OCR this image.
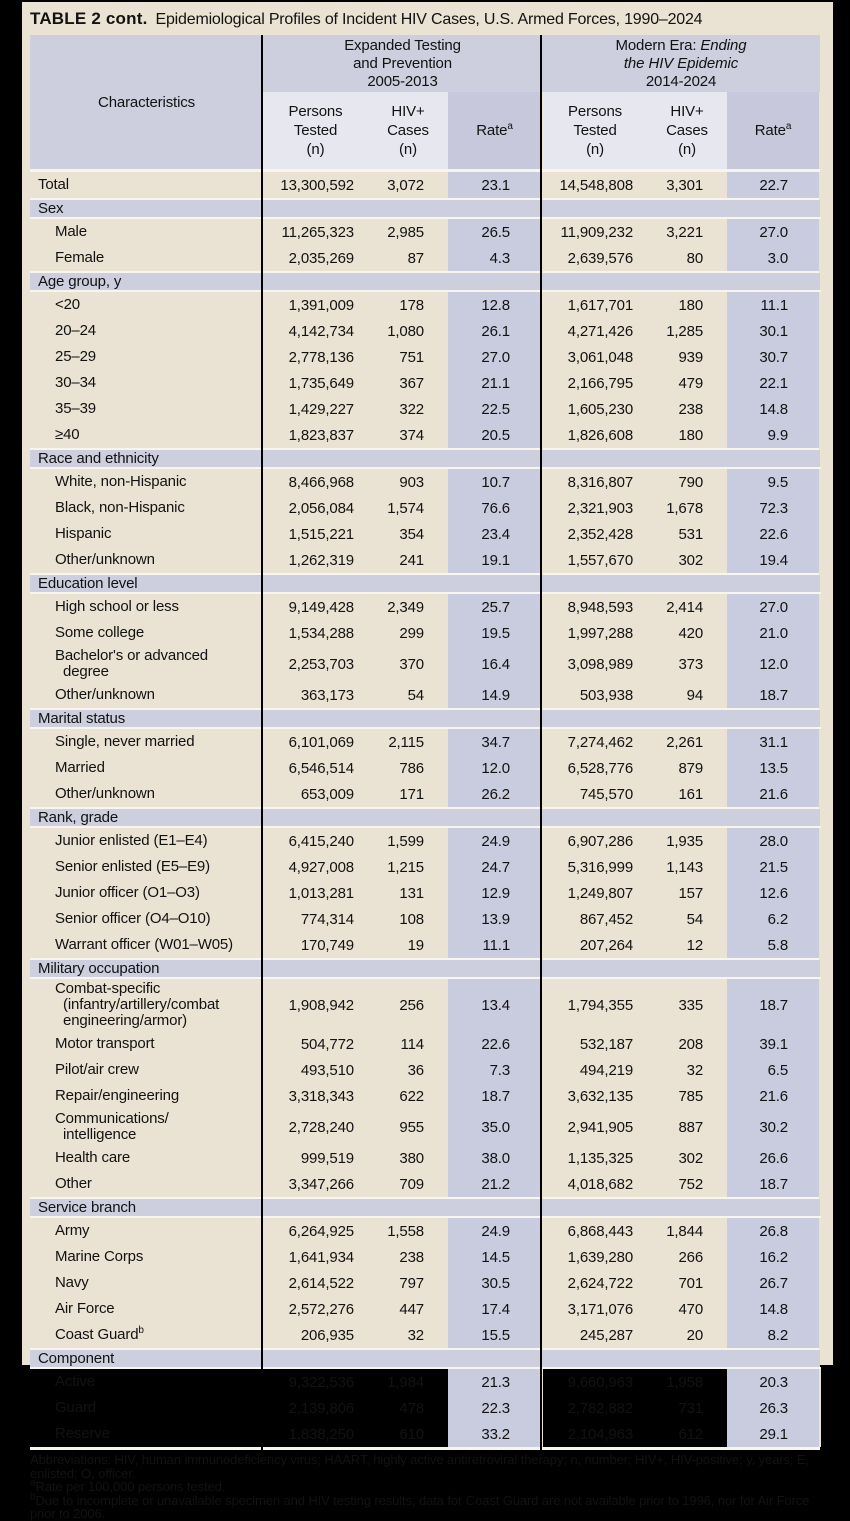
TABLE 2 cont. Epidemiological Profiles of Incident HIV Cases, U.S. Armed Forces, 1990–2024
Characteristics	
Expanded Testing
and Prevention
2005-2013

Modern Era: Ending
the HIV Epidemic
2014-2024

Persons
Tested
(n)

HIV+
Cases
(n)
	Rate$^a$	
Persons
Tested
(n)

HIV+
Cases
(n)
	Rate$^a$

Total	13,300,592	3,072	23.1	14,548,808	3,301	22.7
Sex						
Male	11,265,323	2,985	26.5	11,909,232	3,221	27.0
Female	2,035,269	87	4.3	2,639,576	80	3.0
Age group, y						
<20	1,391,009	178	12.8	1,617,701	180	11.1
20–24	4,142,734	1,080	26.1	4,271,426	1,285	30.1
25–29	2,778,136	751	27.0	3,061,048	939	30.7
30–34	1,735,649	367	21.1	2,166,795	479	22.1
35–39	1,429,227	322	22.5	1,605,230	238	14.8
≥40	1,823,837	374	20.5	1,826,608	180	9.9
Race and ethnicity						
White, non-Hispanic	8,466,968	903	10.7	8,316,807	790	9.5
Black, non-Hispanic	2,056,084	1,574	76.6	2,321,903	1,678	72.3
Hispanic	1,515,221	354	23.4	2,352,428	531	22.6
Other/unknown	1,262,319	241	19.1	1,557,670	302	19.4
Education level						
High school or less	9,149,428	2,349	25.7	8,948,593	2,414	27.0
Some college	1,534,288	299	19.5	1,997,288	420	21.0

Bachelor's or advanced
degree	2,253,703	370	16.4	3,098,989	373	12.0
Other/unknown	363,173	54	14.9	503,938	94	18.7
Marital status						
Single, never married	6,101,069	2,115	34.7	7,274,462	2,261	31.1
Married	6,546,514	786	12.0	6,528,776	879	13.5
Other/unknown	653,009	171	26.2	745,570	161	21.6
Rank, grade						
Junior enlisted (E1–E4)	6,415,240	1,599	24.9	6,907,286	1,935	28.0
Senior enlisted (E5–E9)	4,927,008	1,215	24.7	5,316,999	1,143	21.5
Junior officer (O1–O3)	1,013,281	131	12.9	1,249,807	157	12.6
Senior officer (O4–O10)	774,314	108	13.9	867,452	54	6.2
Warrant officer (W01–W05)	170,749	19	11.1	207,264	12	5.8
Military occupation						

Combat-specific
(infantry/artillery/combat
engineering/armor)	1,908,942	256	13.4	1,794,355	335	18.7
Motor transport	504,772	114	22.6	532,187	208	39.1
Pilot/air crew	493,510	36	7.3	494,219	32	6.5
Repair/engineering	3,318,343	622	18.7	3,632,135	785	21.6

Communications/
intelligence	2,728,240	955	35.0	2,941,905	887	30.2
Health care	999,519	380	38.0	1,135,325	302	26.6
Other	3,347,266	709	21.2	4,018,682	752	18.7
Service branch						
Army	6,264,925	1,558	24.9	6,868,443	1,844	26.8
Marine Corps	1,641,934	238	14.5	1,639,280	266	16.2
Navy	2,614,522	797	30.5	2,624,722	701	26.7
Air Force	2,572,276	447	17.4	3,171,076	470	14.8
Coast Guard$^b$	206,935	32	15.5	245,287	20	8.2
Component						
Active	9,322,536	1,984	21.3	9,660,963	1,958	20.3
Guard	2,139,806	478	22.3	2,782,882	731	26.3
Reserve	1,838,250	610	33.2	2,104,963	612	29.1

Abbreviations: HIV, human immunodeficiency virus; HAART, highly active antiretroviral therapy; n, number; HIV+, HIV-positive; y, years; E, enlisted; O, officer.

$^a$Rate per 100,000 persons tested.

$^b$Due to incomplete or unavailable specimen and HIV testing results, data for Coast Guard are not available prior to 1996, nor for Air Force prior to 2006.
